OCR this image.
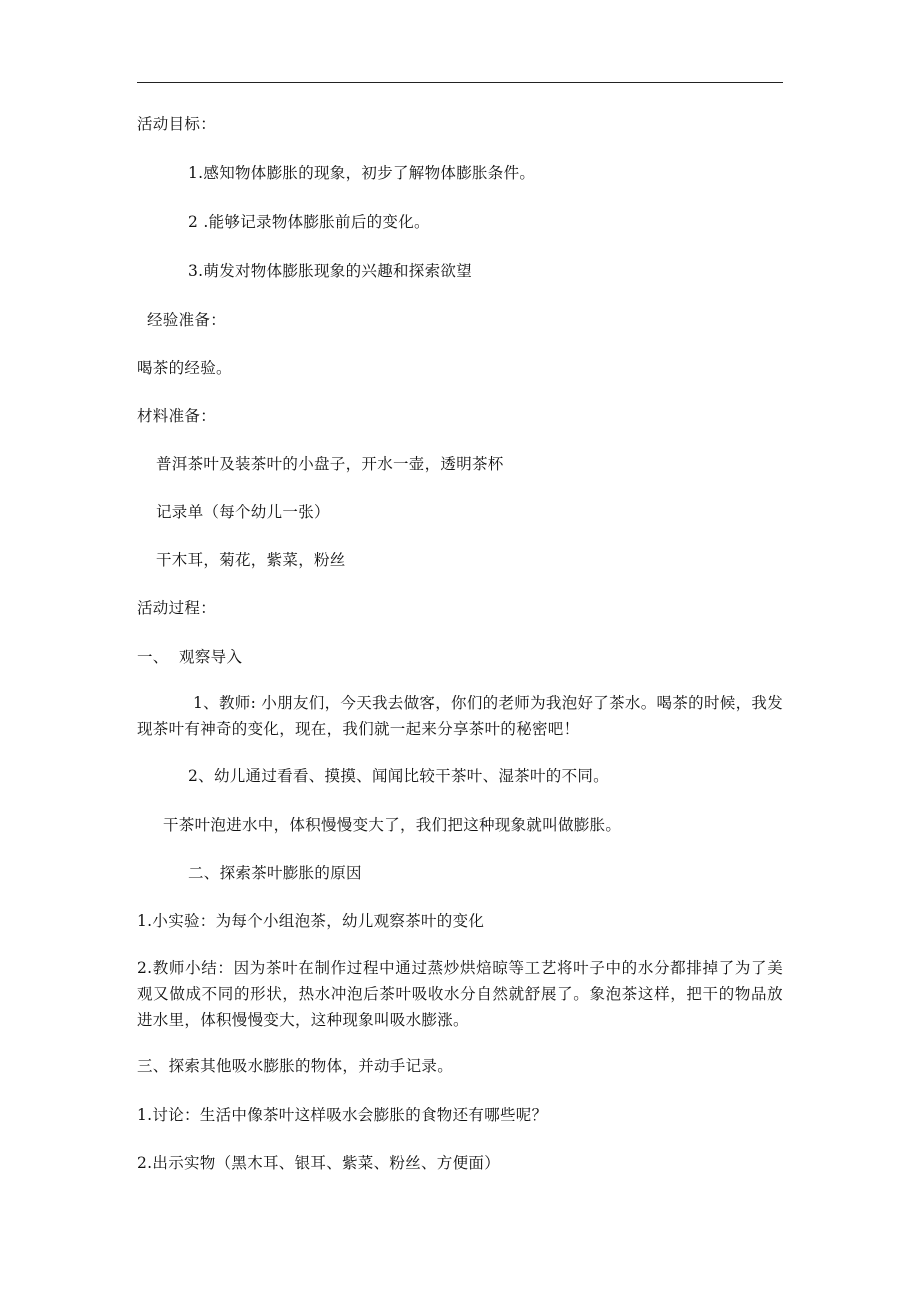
活动目标：
1.感知物体膨胀的现象，初步了解物体膨胀条件。
2 .能够记录物体膨胀前后的变化。
3.萌发对物体膨胀现象的兴趣和探索欲望
经验准备：
喝茶的经验。
材料准备：
普洱茶叶及装茶叶的小盘子，开水一壶，透明茶杯
记录单（每个幼儿一张）
干木耳，菊花，紫菜，粉丝
活动过程：
一、  观察导入
1、教师: 小朋友们，今天我去做客，你们的老师为我泡好了茶水。喝茶的时候，我发现茶叶有神奇的变化，现在，我们就一起来分享茶叶的秘密吧！
2、幼儿通过看看、摸摸、闻闻比较干茶叶、湿茶叶的不同。
干茶叶泡进水中，体积慢慢变大了，我们把这种现象就叫做膨胀。
二、探索茶叶膨胀的原因
1.小实验：为每个小组泡茶，幼儿观察茶叶的变化
2.教师小结：因为茶叶在制作过程中通过蒸炒烘焙晾等工艺将叶子中的水分都排掉了为了美观又做成不同的形状，热水冲泡后茶叶吸收水分自然就舒展了。象泡茶这样，把干的物品放进水里，体积慢慢变大，这种现象叫吸水膨涨。
三、探索其他吸水膨胀的物体，并动手记录。
1.讨论：生活中像茶叶这样吸水会膨胀的食物还有哪些呢？
2.出示实物（黑木耳、银耳、紫菜、粉丝、方便面）
